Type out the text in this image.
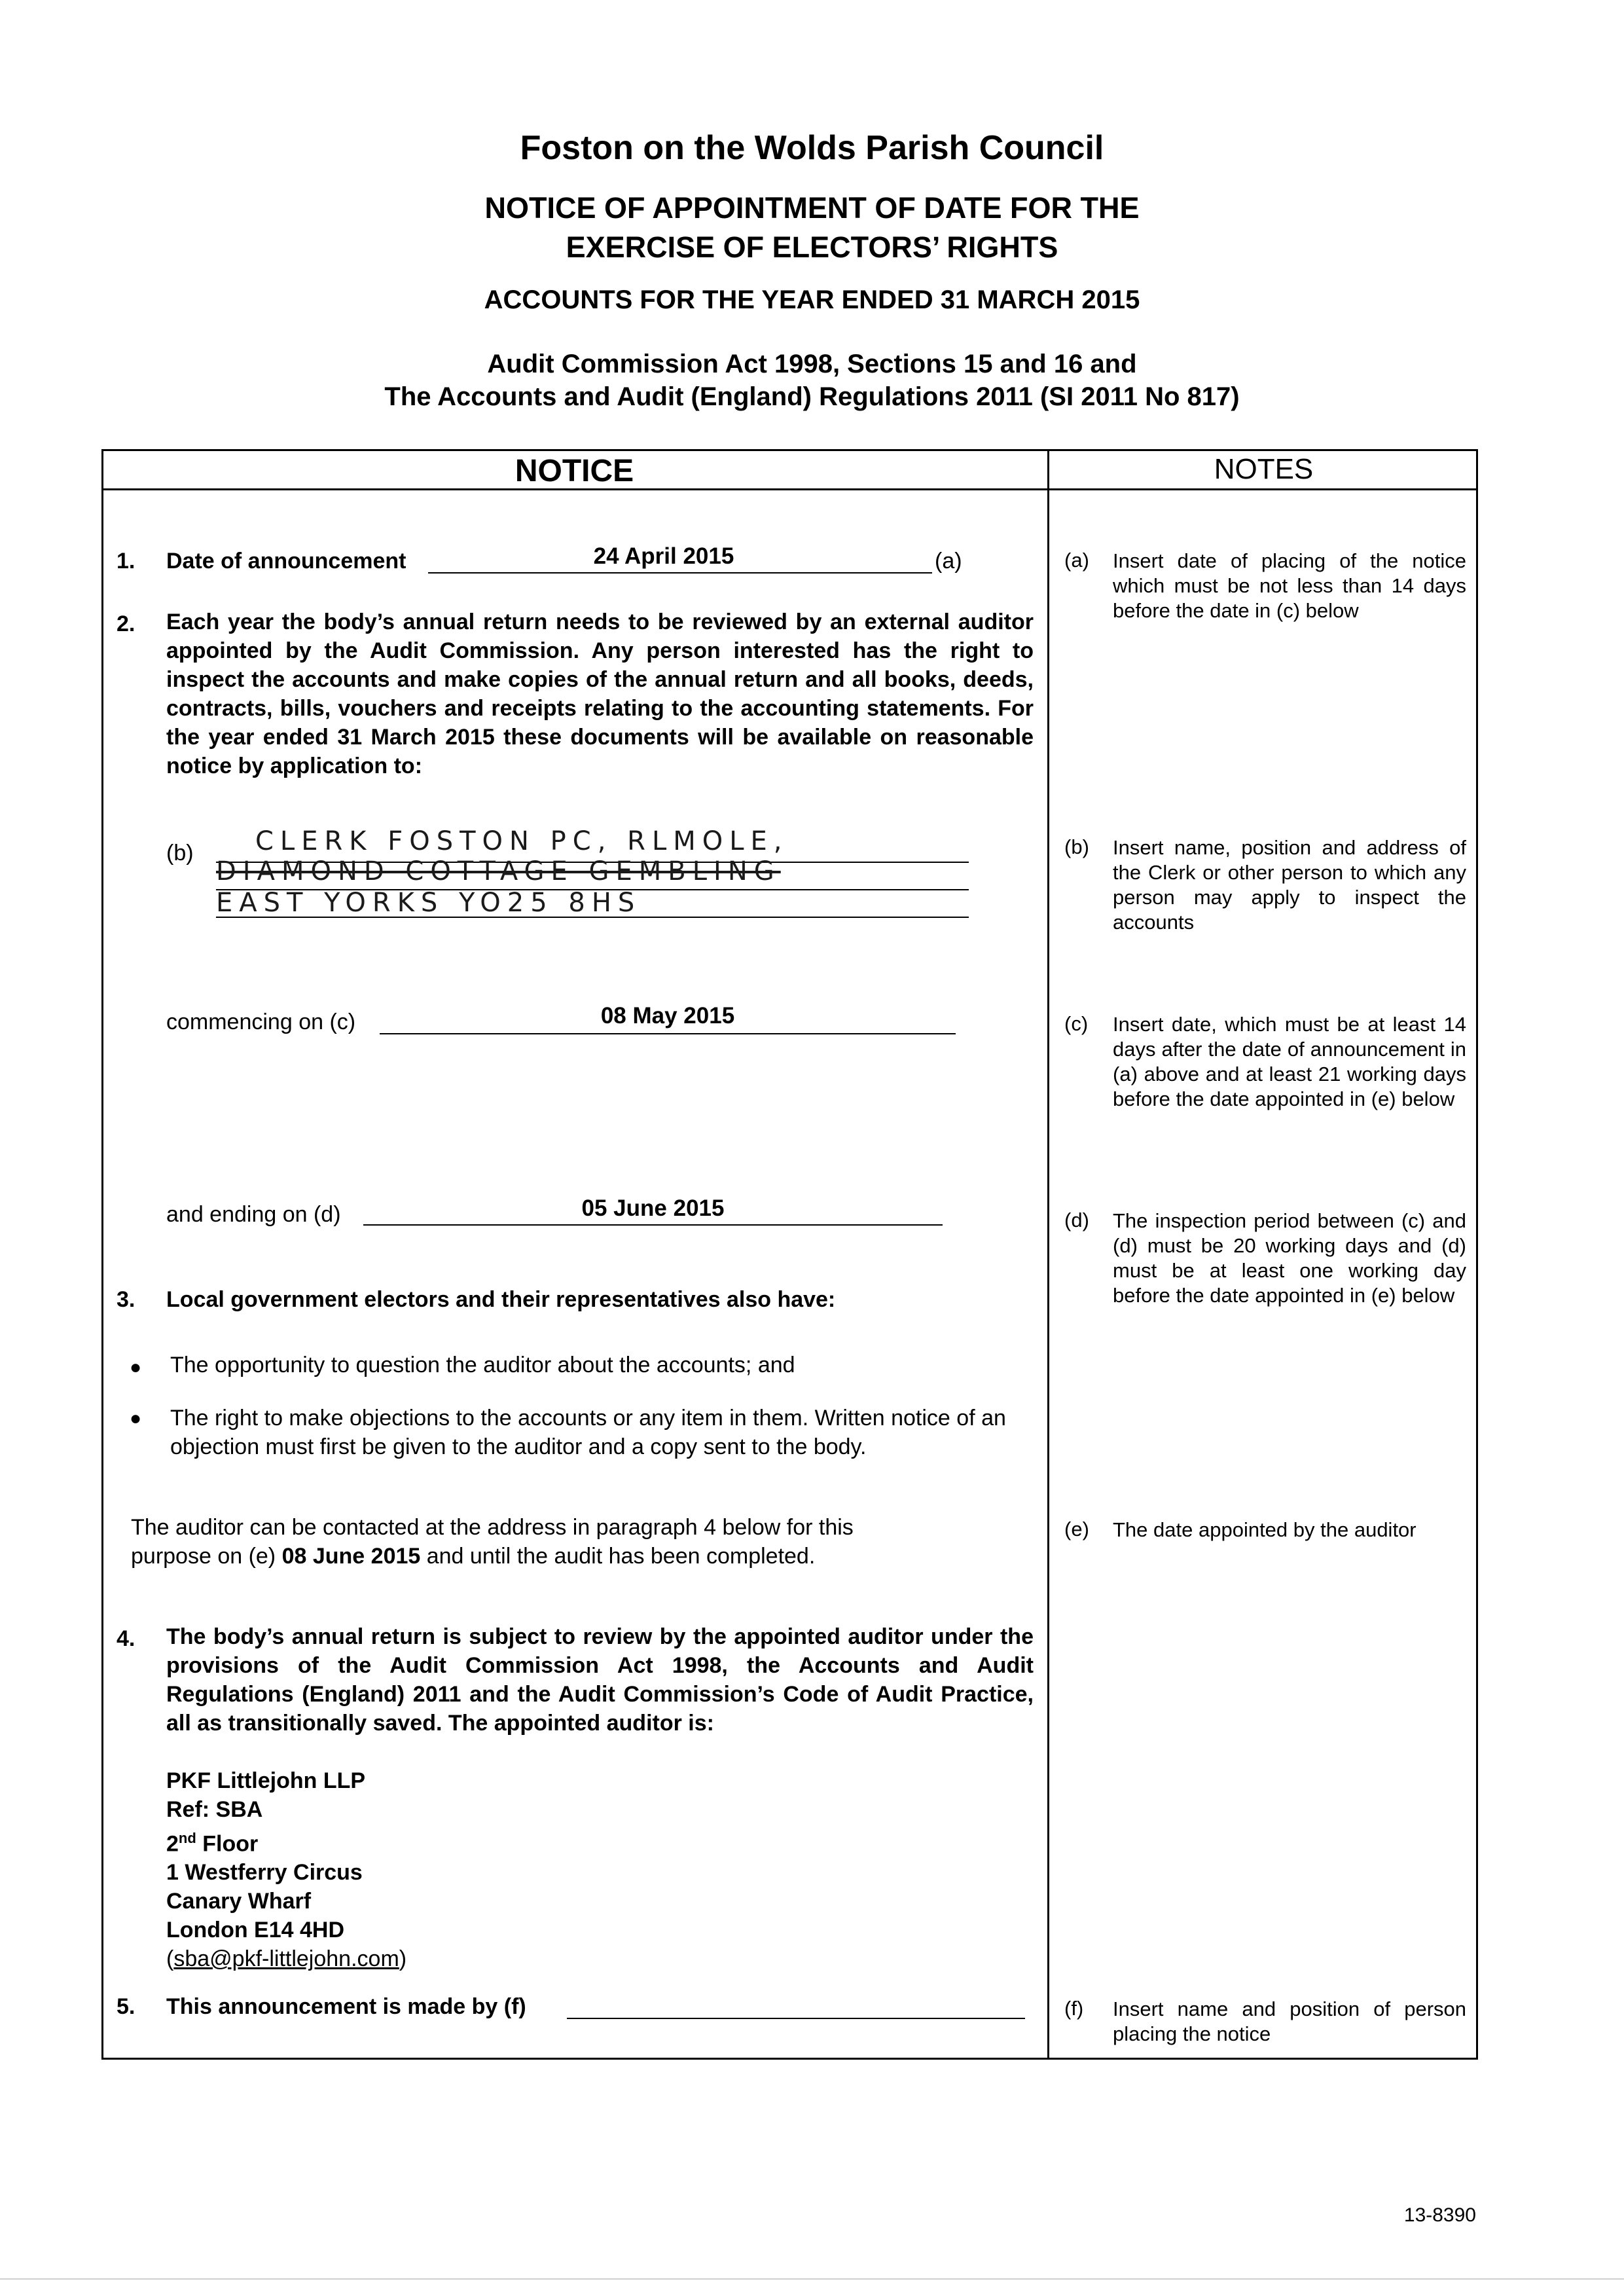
Foston on the Wolds Parish Council
NOTICE OF APPOINTMENT OF DATE FOR THE
EXERCISE OF ELECTORS’ RIGHTS
ACCOUNTS FOR THE YEAR ENDED 31 MARCH 2015
Audit Commission Act 1998, Sections 15 and 16 and
The Accounts and Audit (England) Regulations 2011 (SI 2011 No 817)
NOTICE	NOTES
1. Date of announcement	24 April 2015	(a)
2. Each year the body’s annual return needs to be reviewed by an external auditor appointed by the Audit Commission. Any person interested has the right to inspect the accounts and make copies of the annual return and all books, deeds, contracts, bills, vouchers and receipts relating to the accounting statements. For the year ended 31 March 2015 these documents will be available on reasonable notice by application to:
(b) CLERK FOSTON PC, RLMOLE,
DIAMOND COTTAGE GEMBLING
EAST YORKS YO25 8HS
commencing on (c)	08 May 2015
and ending on (d)	05 June 2015
3. Local government electors and their representatives also have:
● The opportunity to question the auditor about the accounts; and
● The right to make objections to the accounts or any item in them. Written notice of an objection must first be given to the auditor and a copy sent to the body.
The auditor can be contacted at the address in paragraph 4 below for this
purpose on (e) 08 June 2015 and until the audit has been completed.
4. The body’s annual return is subject to review by the appointed auditor under the provisions of the Audit Commission Act 1998, the Accounts and Audit Regulations (England) 2011 and the Audit Commission’s Code of Audit Practice, all as transitionally saved. The appointed auditor is:
PKF Littlejohn LLP
Ref: SBA
2nd Floor
1 Westferry Circus
Canary Wharf
London E14 4HD
(sba@pkf-littlejohn.com)
5. This announcement is made by (f)
(a) Insert date of placing of the notice which must be not less than 14 days before the date in (c) below
(b) Insert name, position and address of the Clerk or other person to which any person may apply to inspect the accounts
(c) Insert date, which must be at least 14 days after the date of announcement in (a) above and at least 21 working days before the date appointed in (e) below
(d) The inspection period between (c) and (d) must be 20 working days and (d) must be at least one working day before the date appointed in (e) below
(e) The date appointed by the auditor
(f) Insert name and position of person placing the notice
13-8390
